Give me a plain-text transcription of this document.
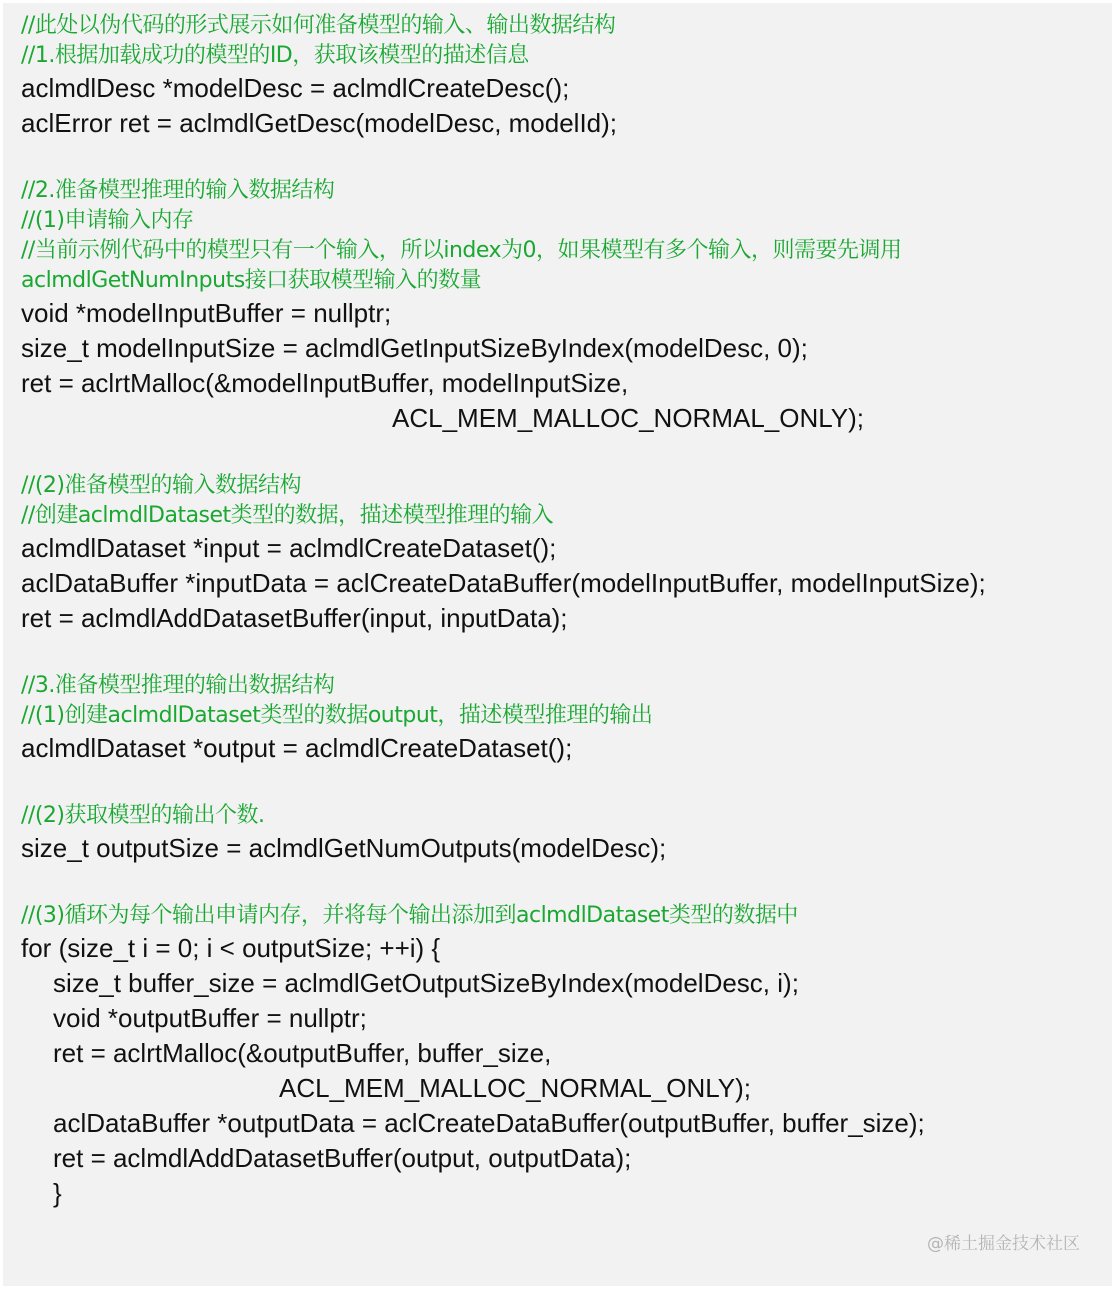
//此处以伪代码的形式展示如何准备模型的输入、输出数据结构
//1.根据加载成功的模型的ID，获取该模型的描述信息
aclmdlDesc *modelDesc = aclmdlCreateDesc();
aclError ret = aclmdlGetDesc(modelDesc, modelId);
//2.准备模型推理的输入数据结构
//(1)申请输入内存
//当前示例代码中的模型只有一个输入，所以index为0，如果模型有多个输入，则需要先调用
aclmdlGetNumInputs接口获取模型输入的数量
void *modelInputBuffer = nullptr;
size_t modelInputSize = aclmdlGetInputSizeByIndex(modelDesc, 0);
ret = aclrtMalloc(&modelInputBuffer, modelInputSize,
ACL_MEM_MALLOC_NORMAL_ONLY);
//(2)准备模型的输入数据结构
//创建aclmdlDataset类型的数据，描述模型推理的输入
aclmdlDataset *input = aclmdlCreateDataset();
aclDataBuffer *inputData = aclCreateDataBuffer(modelInputBuffer, modelInputSize);
ret = aclmdlAddDatasetBuffer(input, inputData);
//3.准备模型推理的输出数据结构
//(1)创建aclmdlDataset类型的数据output，描述模型推理的输出
aclmdlDataset *output = aclmdlCreateDataset();
//(2)获取模型的输出个数.
size_t outputSize = aclmdlGetNumOutputs(modelDesc);
//(3)循环为每个输出申请内存，并将每个输出添加到aclmdlDataset类型的数据中
for (size_t i = 0; i < outputSize; ++i) {
size_t buffer_size = aclmdlGetOutputSizeByIndex(modelDesc, i);
void *outputBuffer = nullptr;
ret = aclrtMalloc(&outputBuffer, buffer_size,
ACL_MEM_MALLOC_NORMAL_ONLY);
aclDataBuffer *outputData = aclCreateDataBuffer(outputBuffer, buffer_size);
ret = aclmdlAddDatasetBuffer(output, outputData);
}
@稀土掘金技术社区
